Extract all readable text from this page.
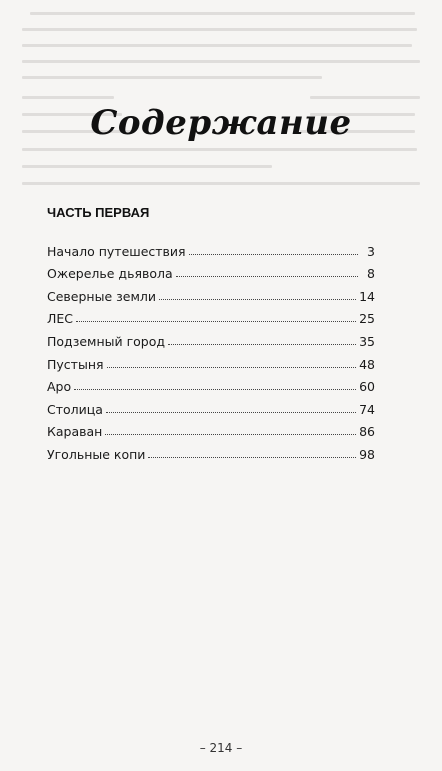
Содержание
ЧАСТЬ ПЕРВАЯ
Начало путешествия	3
Ожерелье дьявола	8
Северные земли	14
ЛЕС	25
Подземный город	35
Пустыня	48
Аро	60
Столица	74
Караван	86
Угольные копи	98
– 214 –
